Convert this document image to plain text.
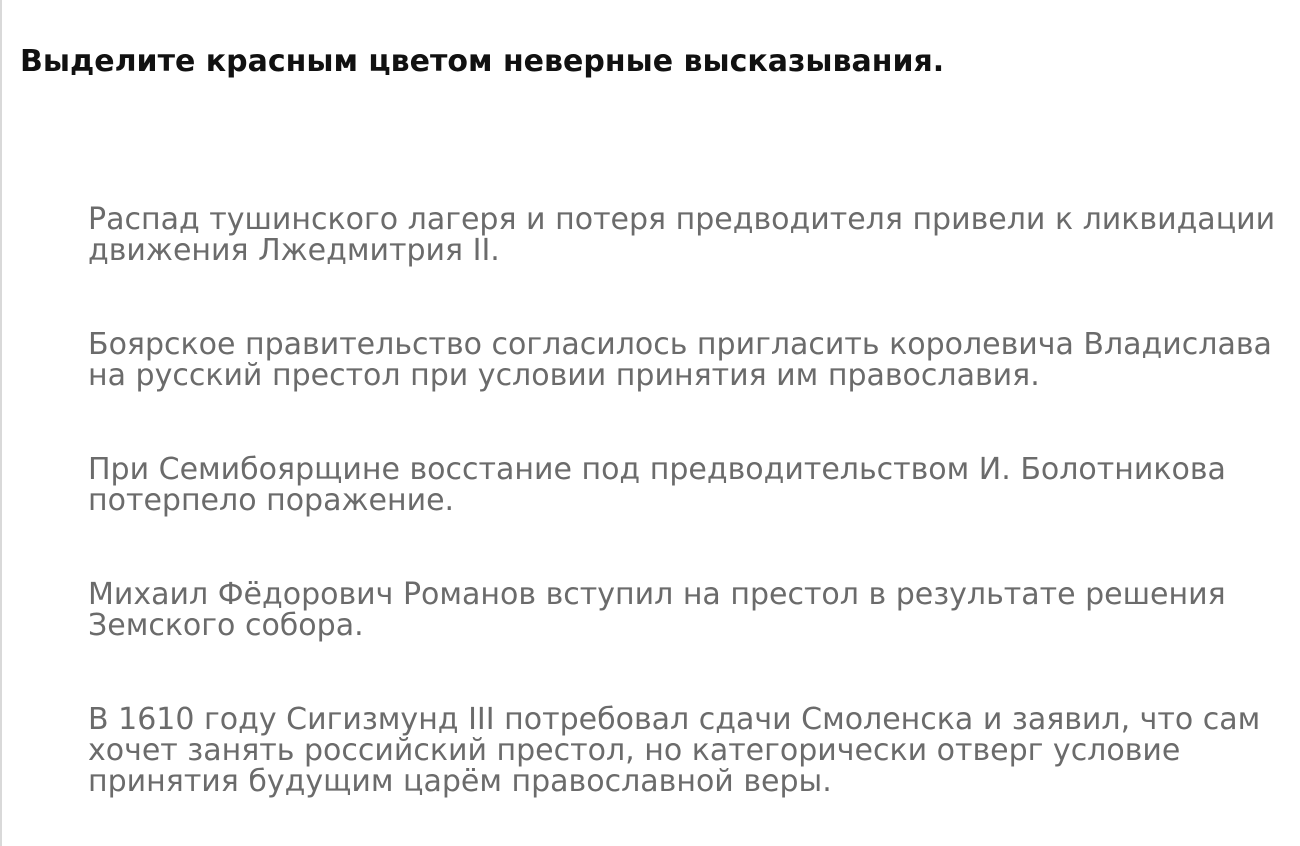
Выделите красным цветом неверные высказывания.
Распад тушинского лагеря и потеря предводителя привели к ликвидации движения Лжедмитрия II.
Боярское правительство согласилось пригласить королевича Владислава на русский престол при условии принятия им православия.
При Семибоярщине восстание под предводительством И. Болотникова потерпело поражение.
Михаил Фёдорович Романов вступил на престол в результате решения Земского собора.
В 1610 году Сигизмунд III потребовал сдачи Смоленска и заявил, что сам хочет занять российский престол, но категорически отверг условие принятия будущим царём православной веры.
